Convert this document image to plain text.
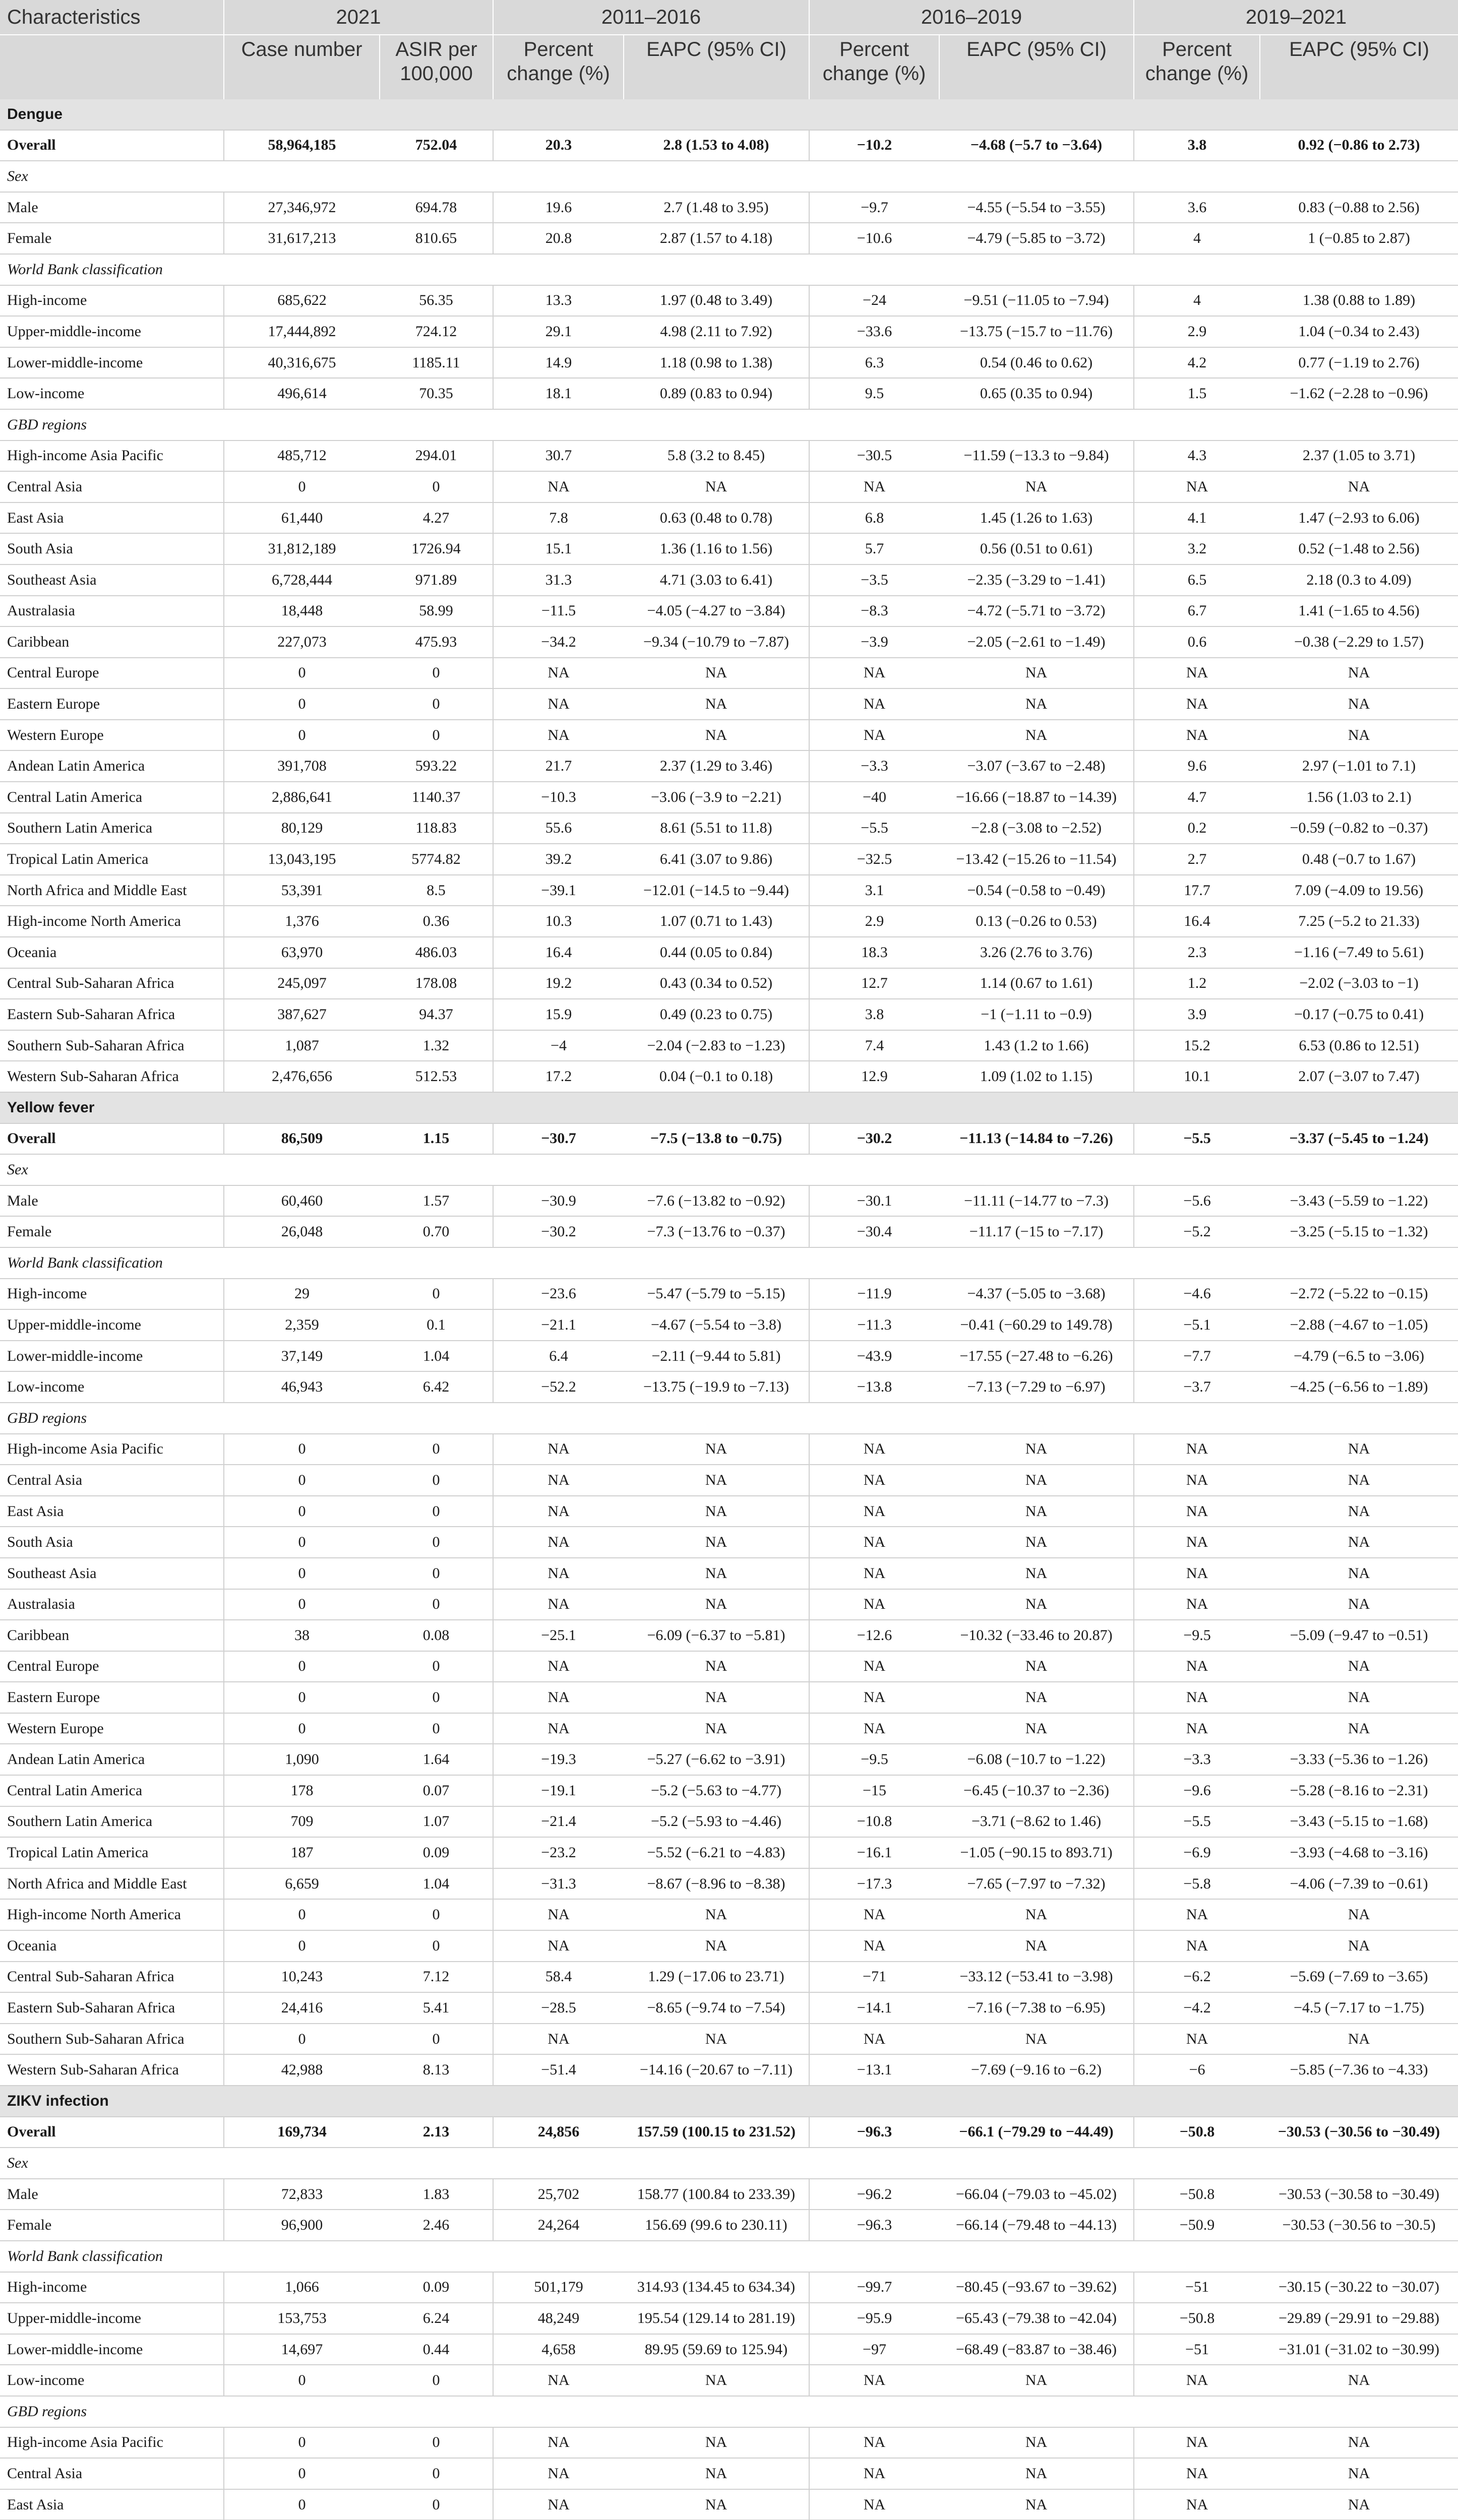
Characteristics	2021		2011–2016		2016–2019		2019–2021	
	Case number	ASIR per 100,000	Percent change (%)	EAPC (95% CI)	Percent change (%)	EAPC (95% CI)	Percent change (%)	EAPC (95% CI)
Dengue								
Overall	58,964,185	752.04	20.3	2.8 (1.53 to 4.08)	−10.2	−4.68 (−5.7 to −3.64)	3.8	0.92 (−0.86 to 2.73)
Sex								
Male	27,346,972	694.78	19.6	2.7 (1.48 to 3.95)	−9.7	−4.55 (−5.54 to −3.55)	3.6	0.83 (−0.88 to 2.56)
Female	31,617,213	810.65	20.8	2.87 (1.57 to 4.18)	−10.6	−4.79 (−5.85 to −3.72)	4	1 (−0.85 to 2.87)
World Bank classification								
High-income	685,622	56.35	13.3	1.97 (0.48 to 3.49)	−24	−9.51 (−11.05 to −7.94)	4	1.38 (0.88 to 1.89)
Upper-middle-income	17,444,892	724.12	29.1	4.98 (2.11 to 7.92)	−33.6	−13.75 (−15.7 to −11.76)	2.9	1.04 (−0.34 to 2.43)
Lower-middle-income	40,316,675	1185.11	14.9	1.18 (0.98 to 1.38)	6.3	0.54 (0.46 to 0.62)	4.2	0.77 (−1.19 to 2.76)
Low-income	496,614	70.35	18.1	0.89 (0.83 to 0.94)	9.5	0.65 (0.35 to 0.94)	1.5	−1.62 (−2.28 to −0.96)
GBD regions								
High-income Asia Pacific	485,712	294.01	30.7	5.8 (3.2 to 8.45)	−30.5	−11.59 (−13.3 to −9.84)	4.3	2.37 (1.05 to 3.71)
Central Asia	0	0	NA	NA	NA	NA	NA	NA
East Asia	61,440	4.27	7.8	0.63 (0.48 to 0.78)	6.8	1.45 (1.26 to 1.63)	4.1	1.47 (−2.93 to 6.06)
South Asia	31,812,189	1726.94	15.1	1.36 (1.16 to 1.56)	5.7	0.56 (0.51 to 0.61)	3.2	0.52 (−1.48 to 2.56)
Southeast Asia	6,728,444	971.89	31.3	4.71 (3.03 to 6.41)	−3.5	−2.35 (−3.29 to −1.41)	6.5	2.18 (0.3 to 4.09)
Australasia	18,448	58.99	−11.5	−4.05 (−4.27 to −3.84)	−8.3	−4.72 (−5.71 to −3.72)	6.7	1.41 (−1.65 to 4.56)
Caribbean	227,073	475.93	−34.2	−9.34 (−10.79 to −7.87)	−3.9	−2.05 (−2.61 to −1.49)	0.6	−0.38 (−2.29 to 1.57)
Central Europe	0	0	NA	NA	NA	NA	NA	NA
Eastern Europe	0	0	NA	NA	NA	NA	NA	NA
Western Europe	0	0	NA	NA	NA	NA	NA	NA
Andean Latin America	391,708	593.22	21.7	2.37 (1.29 to 3.46)	−3.3	−3.07 (−3.67 to −2.48)	9.6	2.97 (−1.01 to 7.1)
Central Latin America	2,886,641	1140.37	−10.3	−3.06 (−3.9 to −2.21)	−40	−16.66 (−18.87 to −14.39)	4.7	1.56 (1.03 to 2.1)
Southern Latin America	80,129	118.83	55.6	8.61 (5.51 to 11.8)	−5.5	−2.8 (−3.08 to −2.52)	0.2	−0.59 (−0.82 to −0.37)
Tropical Latin America	13,043,195	5774.82	39.2	6.41 (3.07 to 9.86)	−32.5	−13.42 (−15.26 to −11.54)	2.7	0.48 (−0.7 to 1.67)
North Africa and Middle East	53,391	8.5	−39.1	−12.01 (−14.5 to −9.44)	3.1	−0.54 (−0.58 to −0.49)	17.7	7.09 (−4.09 to 19.56)
High-income North America	1,376	0.36	10.3	1.07 (0.71 to 1.43)	2.9	0.13 (−0.26 to 0.53)	16.4	7.25 (−5.2 to 21.33)
Oceania	63,970	486.03	16.4	0.44 (0.05 to 0.84)	18.3	3.26 (2.76 to 3.76)	2.3	−1.16 (−7.49 to 5.61)
Central Sub-Saharan Africa	245,097	178.08	19.2	0.43 (0.34 to 0.52)	12.7	1.14 (0.67 to 1.61)	1.2	−2.02 (−3.03 to −1)
Eastern Sub-Saharan Africa	387,627	94.37	15.9	0.49 (0.23 to 0.75)	3.8	−1 (−1.11 to −0.9)	3.9	−0.17 (−0.75 to 0.41)
Southern Sub-Saharan Africa	1,087	1.32	−4	−2.04 (−2.83 to −1.23)	7.4	1.43 (1.2 to 1.66)	15.2	6.53 (0.86 to 12.51)
Western Sub-Saharan Africa	2,476,656	512.53	17.2	0.04 (−0.1 to 0.18)	12.9	1.09 (1.02 to 1.15)	10.1	2.07 (−3.07 to 7.47)
Yellow fever								
Overall	86,509	1.15	−30.7	−7.5 (−13.8 to −0.75)	−30.2	−11.13 (−14.84 to −7.26)	−5.5	−3.37 (−5.45 to −1.24)
Sex								
Male	60,460	1.57	−30.9	−7.6 (−13.82 to −0.92)	−30.1	−11.11 (−14.77 to −7.3)	−5.6	−3.43 (−5.59 to −1.22)
Female	26,048	0.70	−30.2	−7.3 (−13.76 to −0.37)	−30.4	−11.17 (−15 to −7.17)	−5.2	−3.25 (−5.15 to −1.32)
World Bank classification								
High-income	29	0	−23.6	−5.47 (−5.79 to −5.15)	−11.9	−4.37 (−5.05 to −3.68)	−4.6	−2.72 (−5.22 to −0.15)
Upper-middle-income	2,359	0.1	−21.1	−4.67 (−5.54 to −3.8)	−11.3	−0.41 (−60.29 to 149.78)	−5.1	−2.88 (−4.67 to −1.05)
Lower-middle-income	37,149	1.04	6.4	−2.11 (−9.44 to 5.81)	−43.9	−17.55 (−27.48 to −6.26)	−7.7	−4.79 (−6.5 to −3.06)
Low-income	46,943	6.42	−52.2	−13.75 (−19.9 to −7.13)	−13.8	−7.13 (−7.29 to −6.97)	−3.7	−4.25 (−6.56 to −1.89)
GBD regions								
High-income Asia Pacific	0	0	NA	NA	NA	NA	NA	NA
Central Asia	0	0	NA	NA	NA	NA	NA	NA
East Asia	0	0	NA	NA	NA	NA	NA	NA
South Asia	0	0	NA	NA	NA	NA	NA	NA
Southeast Asia	0	0	NA	NA	NA	NA	NA	NA
Australasia	0	0	NA	NA	NA	NA	NA	NA
Caribbean	38	0.08	−25.1	−6.09 (−6.37 to −5.81)	−12.6	−10.32 (−33.46 to 20.87)	−9.5	−5.09 (−9.47 to −0.51)
Central Europe	0	0	NA	NA	NA	NA	NA	NA
Eastern Europe	0	0	NA	NA	NA	NA	NA	NA
Western Europe	0	0	NA	NA	NA	NA	NA	NA
Andean Latin America	1,090	1.64	−19.3	−5.27 (−6.62 to −3.91)	−9.5	−6.08 (−10.7 to −1.22)	−3.3	−3.33 (−5.36 to −1.26)
Central Latin America	178	0.07	−19.1	−5.2 (−5.63 to −4.77)	−15	−6.45 (−10.37 to −2.36)	−9.6	−5.28 (−8.16 to −2.31)
Southern Latin America	709	1.07	−21.4	−5.2 (−5.93 to −4.46)	−10.8	−3.71 (−8.62 to 1.46)	−5.5	−3.43 (−5.15 to −1.68)
Tropical Latin America	187	0.09	−23.2	−5.52 (−6.21 to −4.83)	−16.1	−1.05 (−90.15 to 893.71)	−6.9	−3.93 (−4.68 to −3.16)
North Africa and Middle East	6,659	1.04	−31.3	−8.67 (−8.96 to −8.38)	−17.3	−7.65 (−7.97 to −7.32)	−5.8	−4.06 (−7.39 to −0.61)
High-income North America	0	0	NA	NA	NA	NA	NA	NA
Oceania	0	0	NA	NA	NA	NA	NA	NA
Central Sub-Saharan Africa	10,243	7.12	58.4	1.29 (−17.06 to 23.71)	−71	−33.12 (−53.41 to −3.98)	−6.2	−5.69 (−7.69 to −3.65)
Eastern Sub-Saharan Africa	24,416	5.41	−28.5	−8.65 (−9.74 to −7.54)	−14.1	−7.16 (−7.38 to −6.95)	−4.2	−4.5 (−7.17 to −1.75)
Southern Sub-Saharan Africa	0	0	NA	NA	NA	NA	NA	NA
Western Sub-Saharan Africa	42,988	8.13	−51.4	−14.16 (−20.67 to −7.11)	−13.1	−7.69 (−9.16 to −6.2)	−6	−5.85 (−7.36 to −4.33)
ZIKV infection								
Overall	169,734	2.13	24,856	157.59 (100.15 to 231.52)	−96.3	−66.1 (−79.29 to −44.49)	−50.8	−30.53 (−30.56 to −30.49)
Sex								
Male	72,833	1.83	25,702	158.77 (100.84 to 233.39)	−96.2	−66.04 (−79.03 to −45.02)	−50.8	−30.53 (−30.58 to −30.49)
Female	96,900	2.46	24,264	156.69 (99.6 to 230.11)	−96.3	−66.14 (−79.48 to −44.13)	−50.9	−30.53 (−30.56 to −30.5)
World Bank classification								
High-income	1,066	0.09	501,179	314.93 (134.45 to 634.34)	−99.7	−80.45 (−93.67 to −39.62)	−51	−30.15 (−30.22 to −30.07)
Upper-middle-income	153,753	6.24	48,249	195.54 (129.14 to 281.19)	−95.9	−65.43 (−79.38 to −42.04)	−50.8	−29.89 (−29.91 to −29.88)
Lower-middle-income	14,697	0.44	4,658	89.95 (59.69 to 125.94)	−97	−68.49 (−83.87 to −38.46)	−51	−31.01 (−31.02 to −30.99)
Low-income	0	0	NA	NA	NA	NA	NA	NA
GBD regions								
High-income Asia Pacific	0	0	NA	NA	NA	NA	NA	NA
Central Asia	0	0	NA	NA	NA	NA	NA	NA
East Asia	0	0	NA	NA	NA	NA	NA	NA
